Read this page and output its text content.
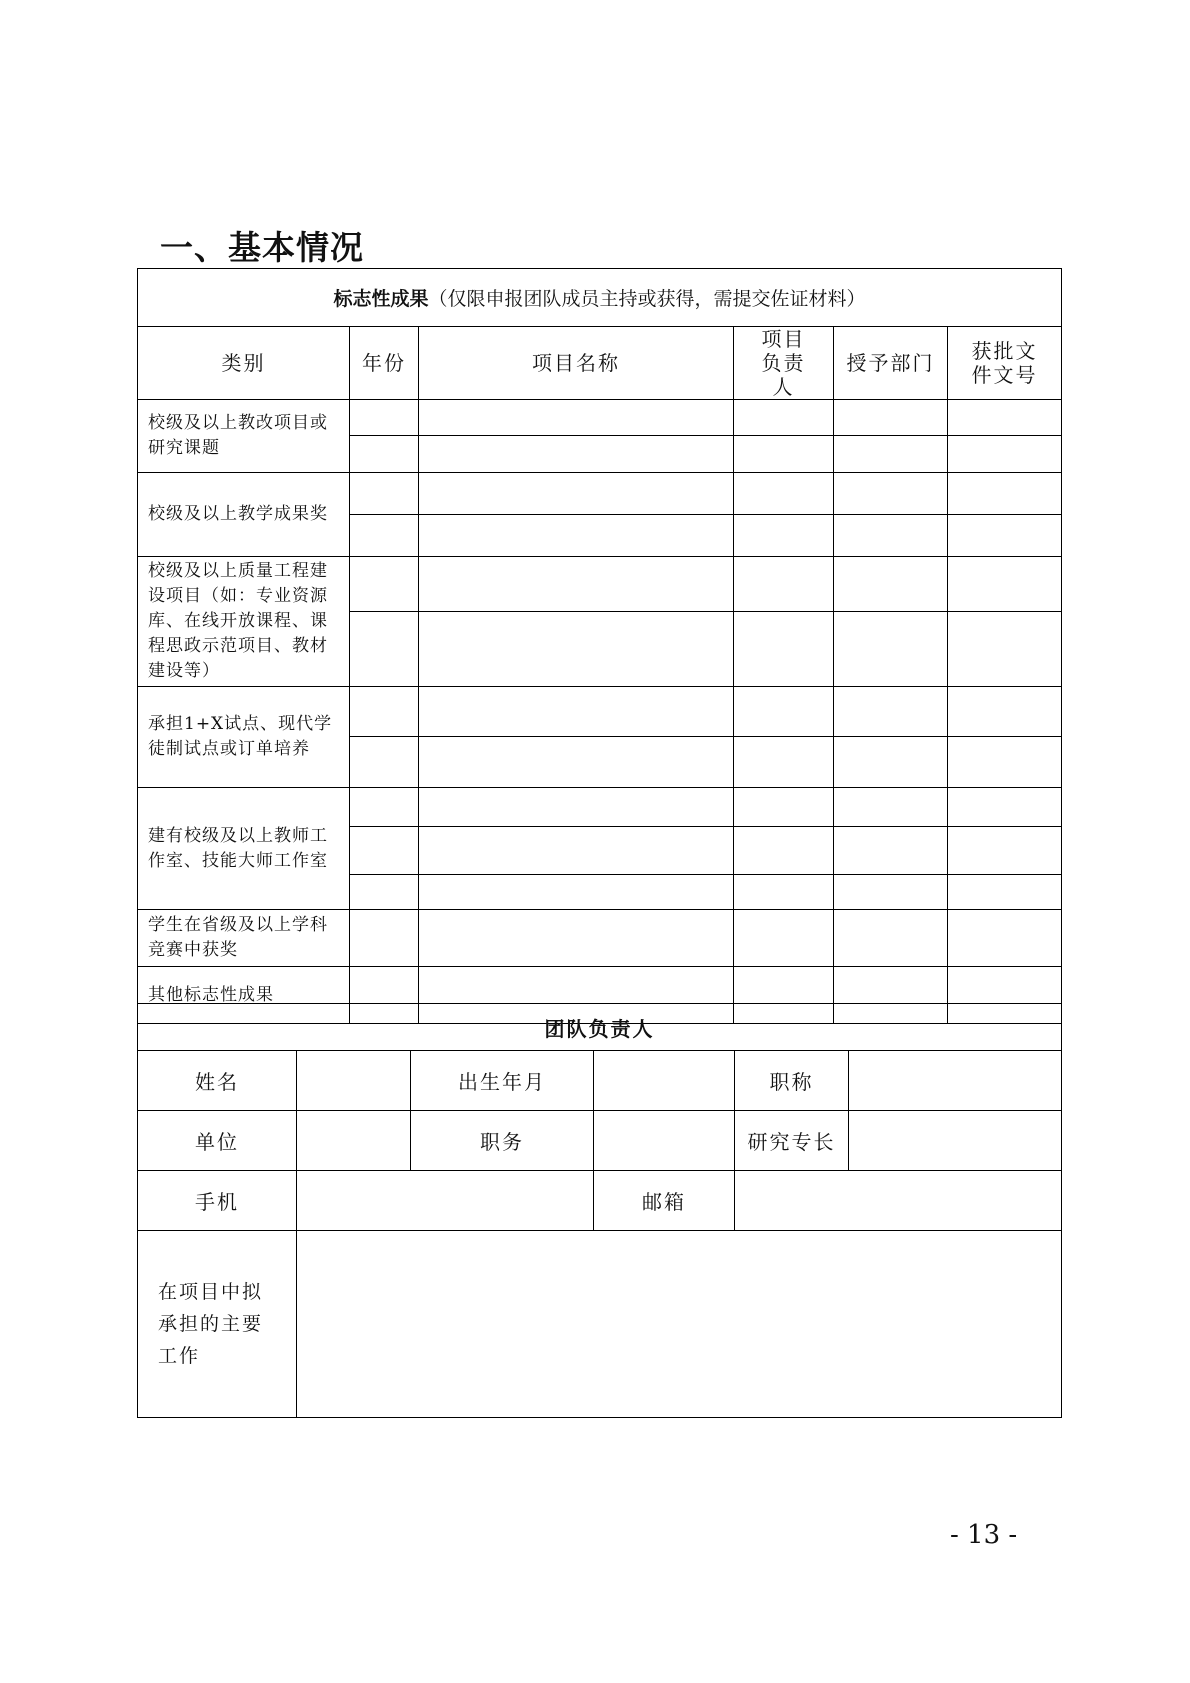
一、基本情况
标志性成果（仅限申报团队成员主持或获得，需提交佐证材料）					
类别	年份	项目名称	项目负责人	授予部门	获批文件文号

校级及以上教改项目或研究课题					

校级及以上教学成果奖					

校级及以上质量工程建设项目（如：专业资源库、在线开放课程、课程思政示范项目、教材建设等）					

承担1+X试点、现代学徒制试点或订单培养					

建有校级及以上教师工作室、技能大师工作室					

学生在省级及以上学科竞赛中获奖					
其他标志性成果					
团队负责人					
姓名		出生年月		职称	
单位		职务		研究专长	
手机			邮箱		

在项目中拟承担的主要工作					

- 13 -
